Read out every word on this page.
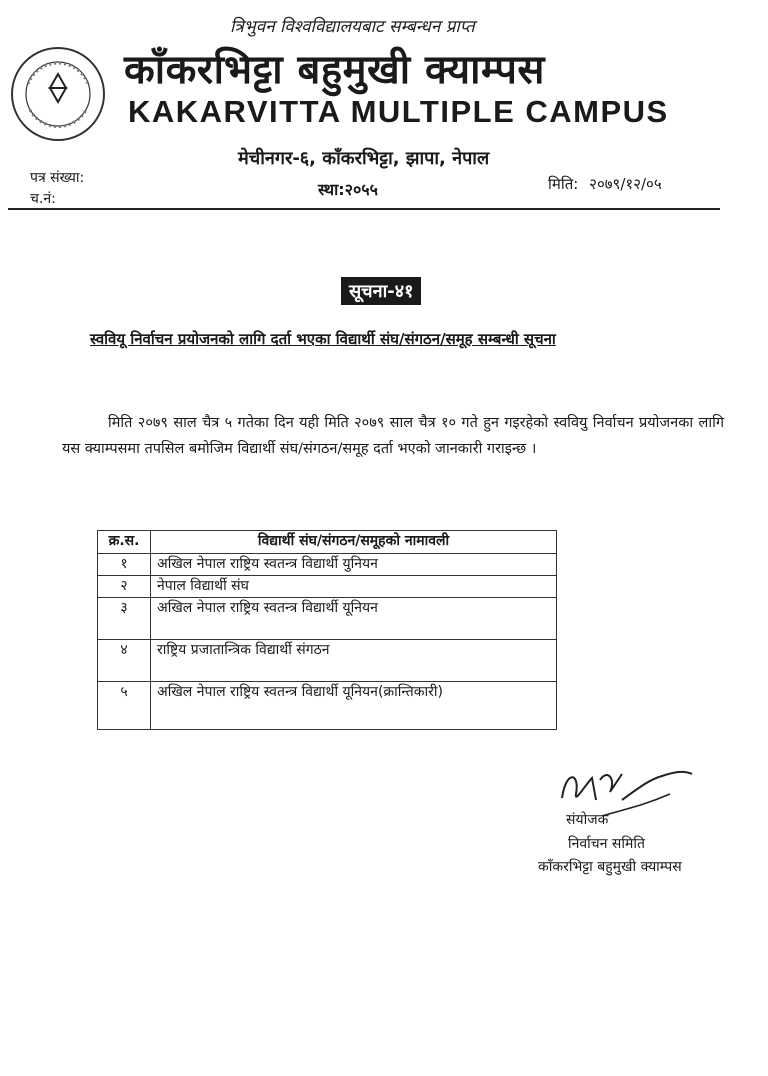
त्रिभुवन विश्वविद्यालयबाट सम्बन्धन प्राप्त
काँकरभिट्टा बहुमुखी क्याम्पस
KAKARVITTA MULTIPLE CAMPUS
मेचीनगर-६, काँकरभिट्टा, झापा, नेपाल
पत्र संख्या:
च.नं:	स्था:२०५५	मिति: २०७९/१२/०५
सूचना-४१
स्ववियू निर्वाचन प्रयोजनको लागि दर्ता भएका विद्यार्थी संघ/संगठन/समूह सम्बन्धी सूचना
मिति २०७९ साल चैत्र ५ गतेका दिन यही मिति २०७९ साल चैत्र १० गते हुन गइरहेको स्ववियु निर्वाचन प्रयोजनका लागि यस क्याम्पसमा तपसिल बमोजिम विद्यार्थी संघ/संगठन/समूह दर्ता भएको जानकारी गराइन्छ ।
क्र.स.	विद्यार्थी संघ/संगठन/समूहको नामावली
१	अखिल नेपाल राष्ट्रिय स्वतन्त्र विद्यार्थी युनियन
२	नेपाल विद्यार्थी संघ
३	अखिल नेपाल राष्ट्रिय स्वतन्त्र विद्यार्थी यूनियन
४	राष्ट्रिय प्रजातान्त्रिक विद्यार्थी संगठन
५	अखिल नेपाल राष्ट्रिय स्वतन्त्र विद्यार्थी यूनियन(क्रान्तिकारी)
संयोजक
निर्वाचन समिति
काँकरभिट्टा बहुमुखी क्याम्पस
